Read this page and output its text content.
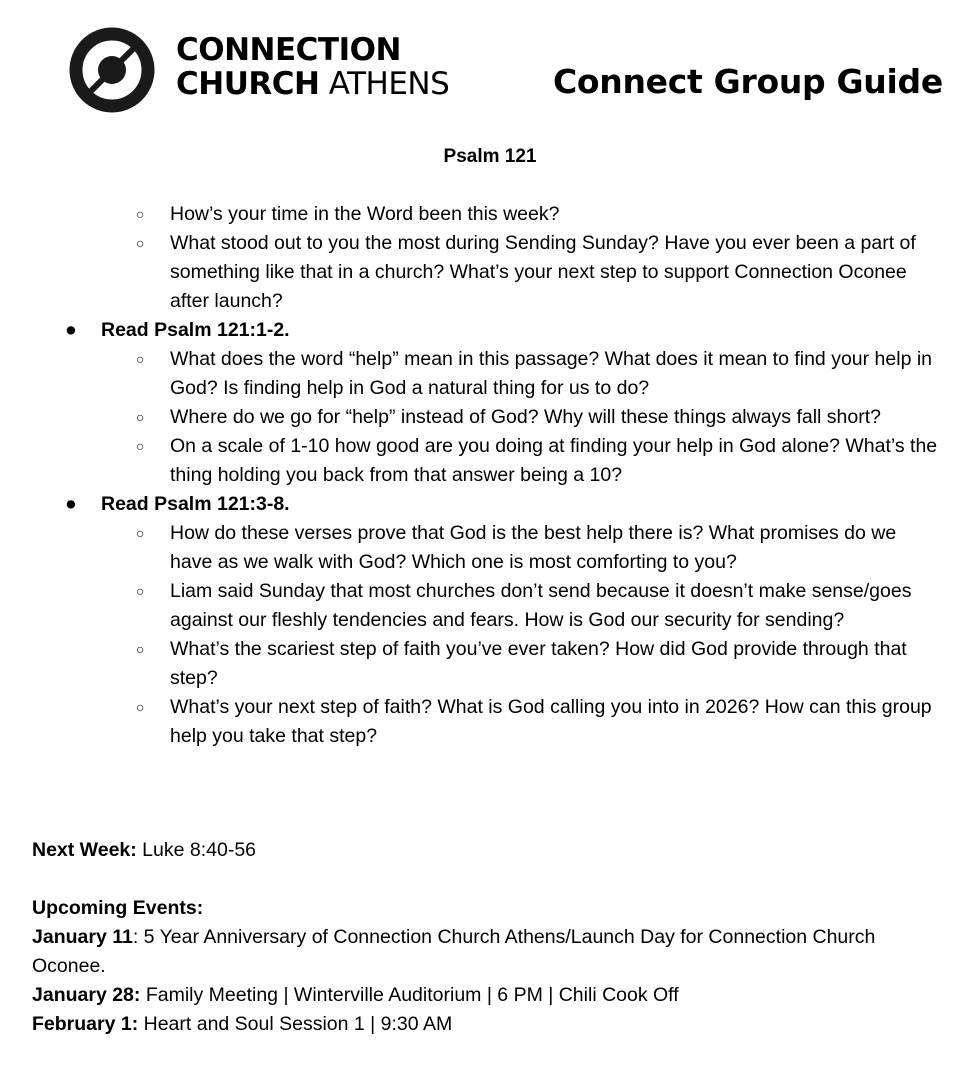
CONNECTION
CHURCH ATHENS	Connect Group Guide
Psalm 121
○ How’s your time in the Word been this week?
○ What stood out to you the most during Sending Sunday? Have you ever been a part of something like that in a church? What’s your next step to support Connection Oconee after launch?
● Read Psalm 121:1-2.
○ What does the word “help” mean in this passage? What does it mean to find your help in God? Is finding help in God a natural thing for us to do?
○ Where do we go for “help” instead of God? Why will these things always fall short?
○ On a scale of 1-10 how good are you doing at finding your help in God alone? What’s the thing holding you back from that answer being a 10?
● Read Psalm 121:3-8.
○ How do these verses prove that God is the best help there is? What promises do we have as we walk with God? Which one is most comforting to you?
○ Liam said Sunday that most churches don’t send because it doesn’t make sense/goes against our fleshly tendencies and fears. How is God our security for sending?
○ What’s the scariest step of faith you’ve ever taken? How did God provide through that step?
○ What’s your next step of faith? What is God calling you into in 2026? How can this group help you take that step?
Next Week: Luke 8:40-56
Upcoming Events:
January 11: 5 Year Anniversary of Connection Church Athens/Launch Day for Connection Church Oconee.
January 28: Family Meeting | Winterville Auditorium | 6 PM | Chili Cook Off
February 1: Heart and Soul Session 1 | 9:30 AM
